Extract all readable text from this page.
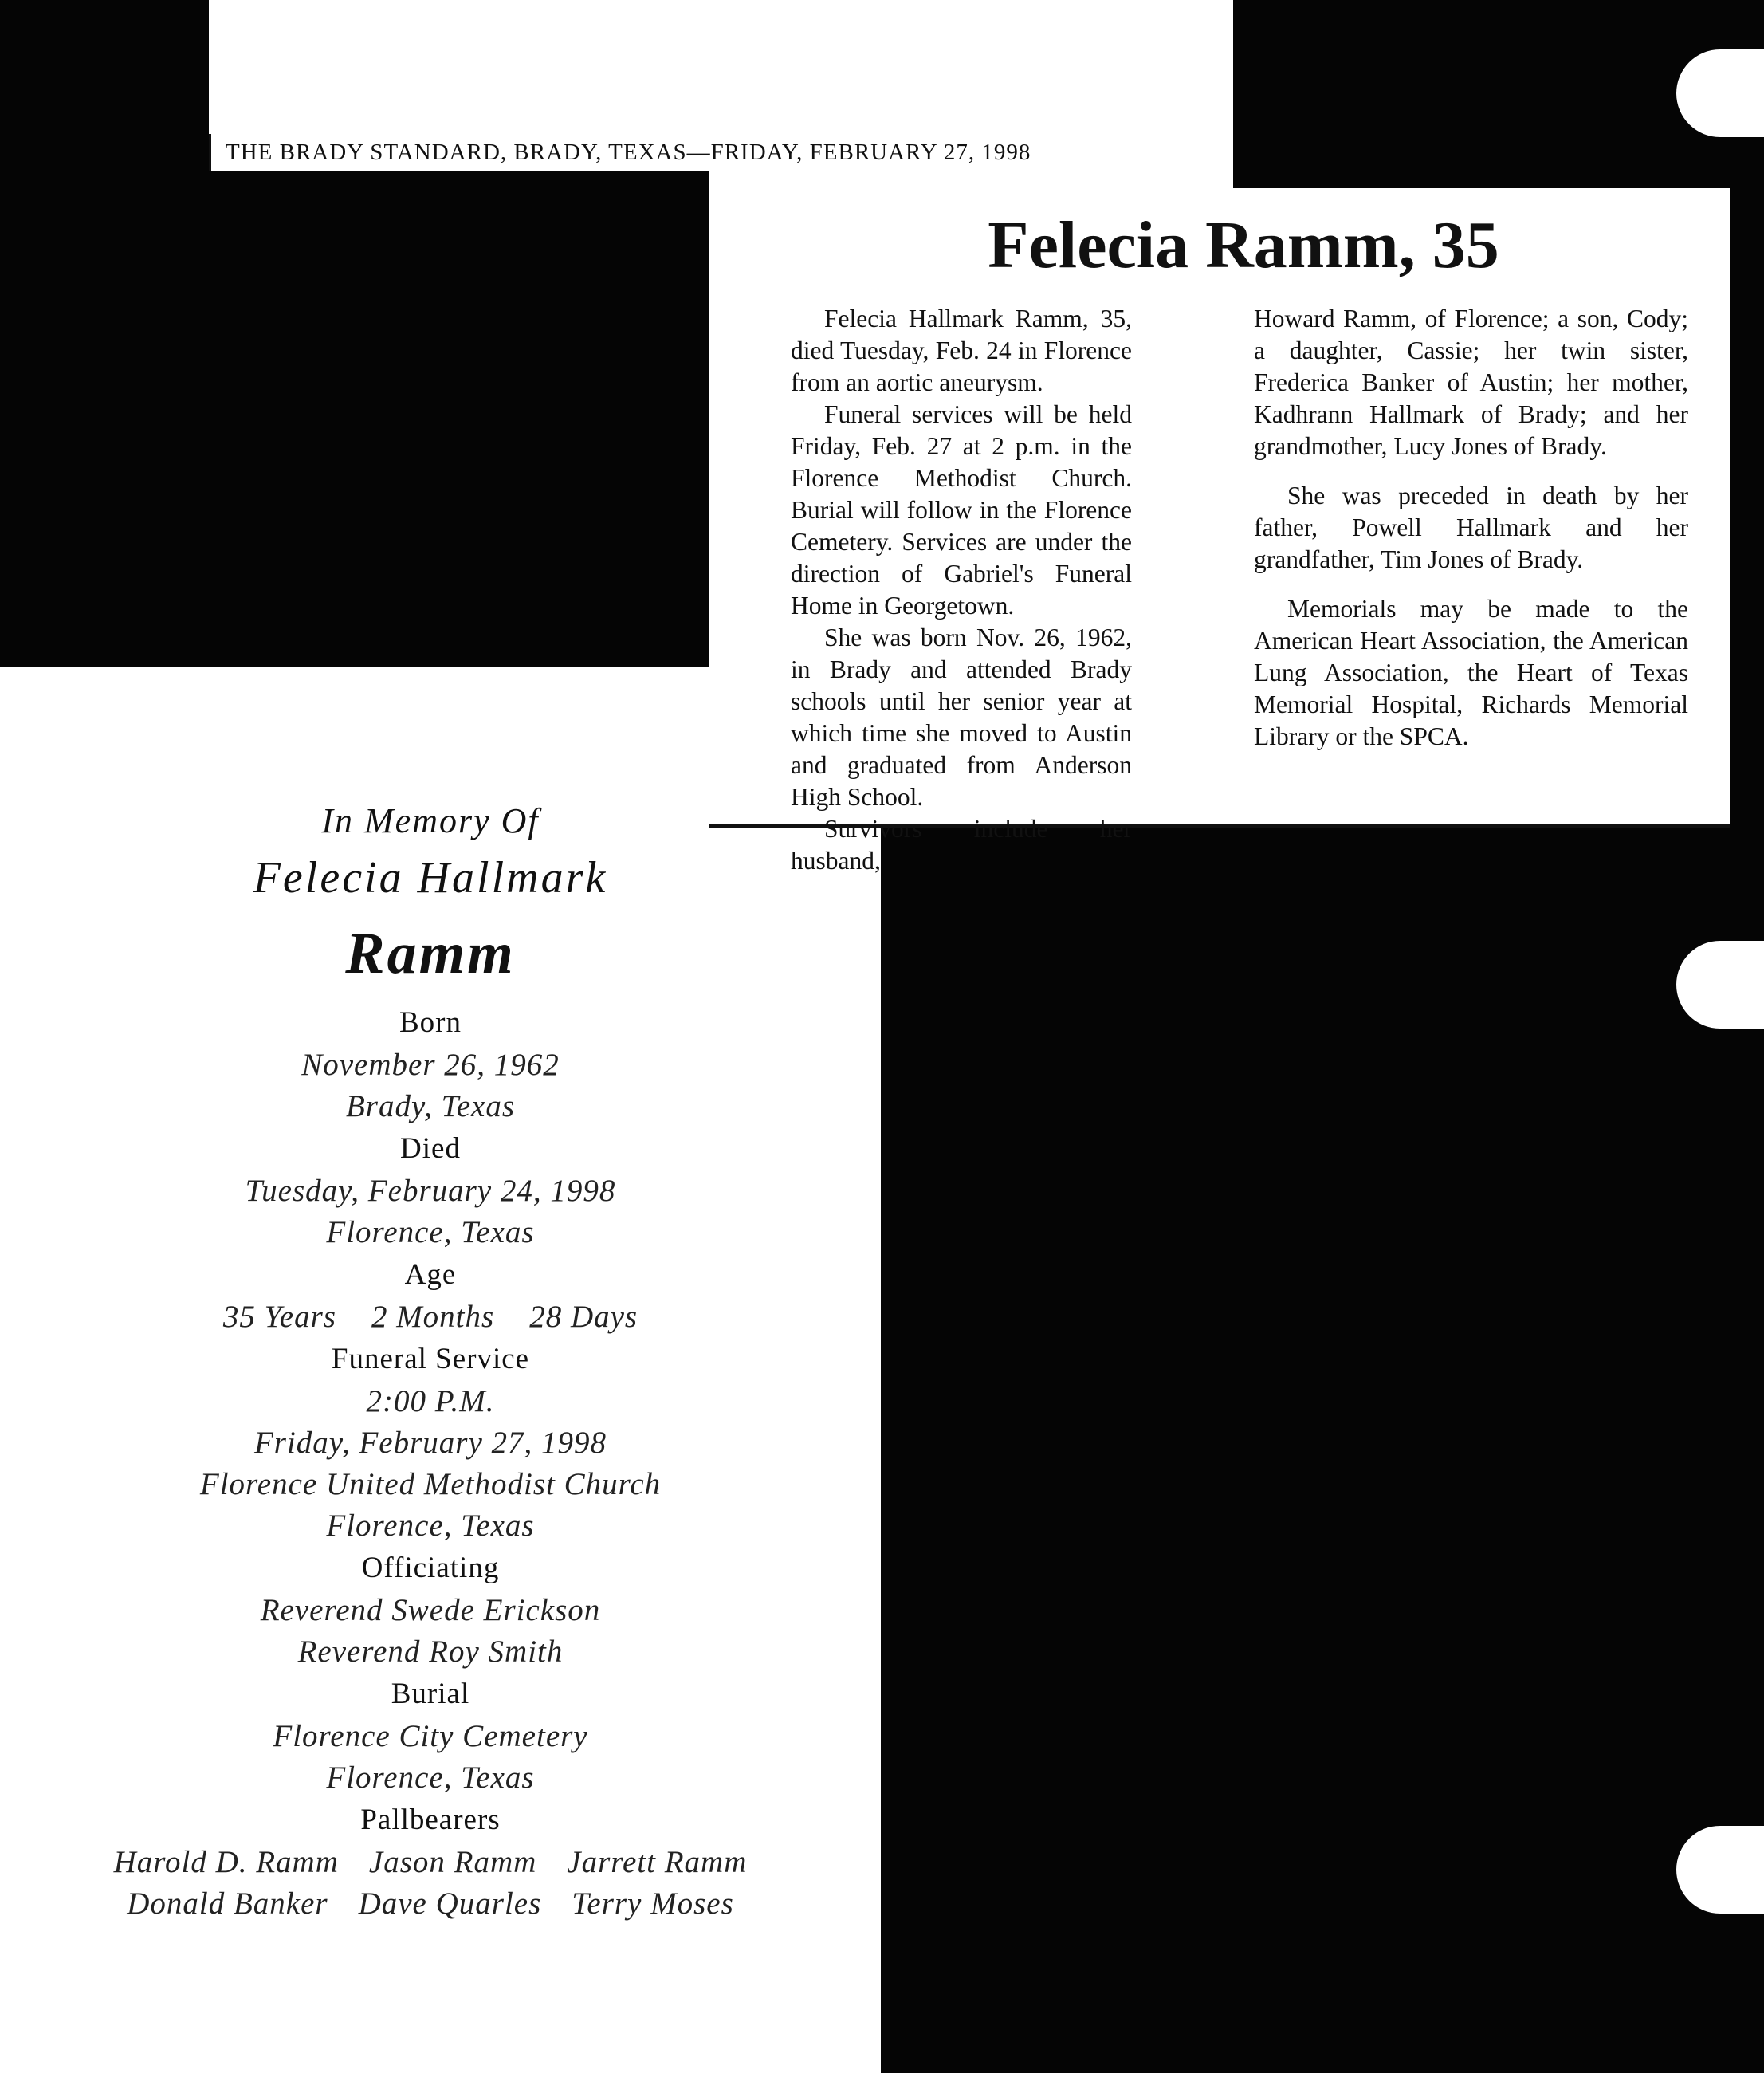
THE BRADY STANDARD, BRADY, TEXAS—FRIDAY, FEBRUARY 27, 1998
Felecia Ramm, 35

Felecia Hallmark Ramm, 35, died Tuesday, Feb. 24 in Florence from an aortic aneurysm.

Funeral services will be held Friday, Feb. 27 at 2 p.m. in the Florence Methodist Church. Burial will follow in the Florence Cemetery. Services are under the direction of Gabriel's Funeral Home in Georgetown.

She was born Nov. 26, 1962, in Brady and attended Brady schools until her senior year at which time she moved to Austin and graduated from Anderson High School.

Survivors include her husband,

Howard Ramm, of Florence; a son, Cody; a daughter, Cassie; her twin sister, Frederica Banker of Austin; her mother, Kadhrann Hallmark of Brady; and her grandmother, Lucy Jones of Brady.

She was preceded in death by her father, Powell Hallmark and her grandfather, Tim Jones of Brady.

Memorials may be made to the American Heart Association, the American Lung Association, the Heart of Texas Memorial Hospital, Richards Memorial Library or the SPCA.

In Memory Of
Felecia Hallmark
Ramm
Born
November 26, 1962
Brady, Texas
Died
Tuesday, February 24, 1998
Florence, Texas
Age
35 Years 2 Months 28 Days
Funeral Service
2:00 P.M.
Friday, February 27, 1998
Florence United Methodist Church
Florence, Texas
Officiating
Reverend Swede Erickson
Reverend Roy Smith
Burial
Florence City Cemetery
Florence, Texas
Pallbearers
Harold D. Ramm Jason Ramm Jarrett Ramm
Donald Banker Dave Quarles Terry Moses
